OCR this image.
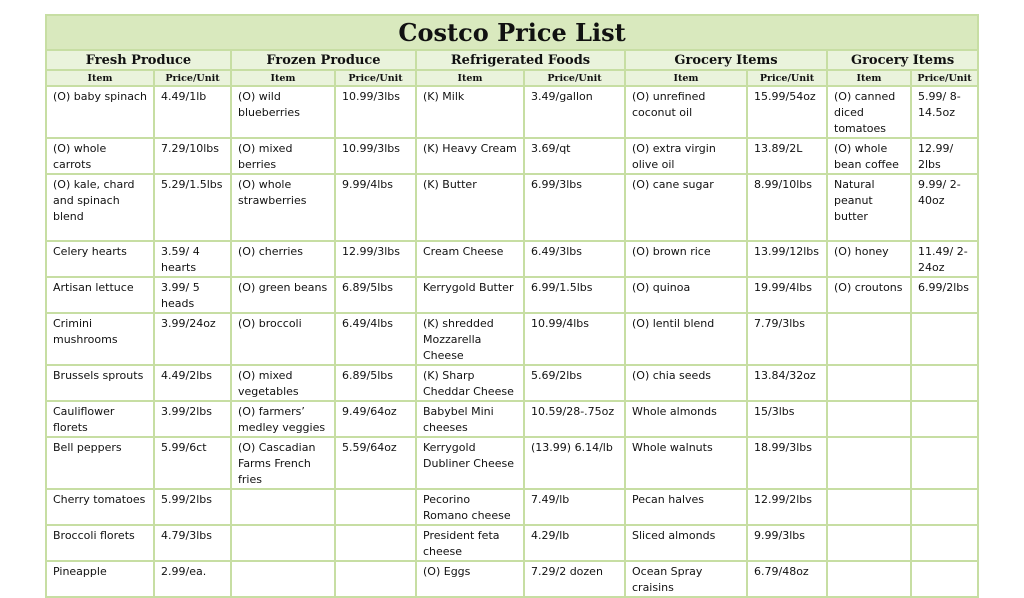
Costco Price List									
Fresh Produce		Frozen Produce		Refrigerated Foods		Grocery Items		Grocery Items	
Item	Price/Unit	Item	Price/Unit	Item	Price/Unit	Item	Price/Unit	Item	Price/Unit
(O) baby spinach	4.49/1lb	(O) wild blueberries	10.99/3lbs	(K) Milk	3.49/gallon	(O) unrefined coconut oil	15.99/54oz	(O) canned diced tomatoes	5.99/ 8-14.5oz
(O) whole carrots	7.29/10lbs	(O) mixed berries	10.99/3lbs	(K) Heavy Cream	3.69/qt	(O) extra virgin olive oil	13.89/2L	(O) whole bean coffee	12.99/ 2lbs
(O) kale, chard and spinach blend	5.29/1.5lbs	(O) whole strawberries	9.99/4lbs	(K) Butter	6.99/3lbs	(O) cane sugar	8.99/10lbs	Natural peanut butter	9.99/ 2-40oz
Celery hearts	3.59/ 4 hearts	(O) cherries	12.99/3lbs	Cream Cheese	6.49/3lbs	(O) brown rice	13.99/12lbs	(O) honey	11.49/ 2-24oz
Artisan lettuce	3.99/ 5 heads	(O) green beans	6.89/5lbs	Kerrygold Butter	6.99/1.5lbs	(O) quinoa	19.99/4lbs	(O) croutons	6.99/2lbs
Crimini mushrooms	3.99/24oz	(O) broccoli	6.49/4lbs	(K) shredded Mozzarella Cheese	10.99/4lbs	(O) lentil blend	7.79/3lbs		
Brussels sprouts	4.49/2lbs	(O) mixed vegetables	6.89/5lbs	(K) Sharp Cheddar Cheese	5.69/2lbs	(O) chia seeds	13.84/32oz		
Cauliflower florets	3.99/2lbs	(O) farmers’ medley veggies	9.49/64oz	Babybel Mini cheeses	10.59/28-.75oz	Whole almonds	15/3lbs		
Bell peppers	5.99/6ct	(O) Cascadian Farms French fries	5.59/64oz	Kerrygold Dubliner Cheese	(13.99) 6.14/lb	Whole walnuts	18.99/3lbs		
Cherry tomatoes	5.99/2lbs			Pecorino Romano cheese	7.49/lb	Pecan halves	12.99/2lbs		
Broccoli florets	4.79/3lbs			President feta cheese	4.29/lb	Sliced almonds	9.99/3lbs		
Pineapple	2.99/ea.			(O) Eggs	7.29/2 dozen	Ocean Spray craisins	6.79/48oz		
